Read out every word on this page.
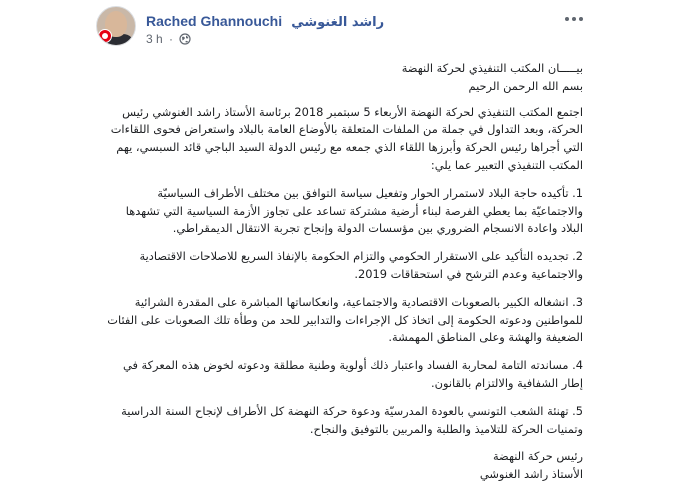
Rached Ghannouchi راشد الغنوشي
3 h ·

بيـــــان المكتب التنفيذي لحركة النهضة

بسم الله الرحمن الرحيم

اجتمع المكتب التنفيذي لحركة النهضة الأربعاء 5 سبتمبر 2018 برئاسة الأستاذ راشد الغنوشي رئيس الحركة، وبعد التداول في جملة من الملفات المتعلقة بالأوضاع العامة بالبلاد واستعراض فحوى اللقاءات التي أجراها رئيس الحركة وأبرزها اللقاء الذي جمعه مع رئيس الدولة السيد الباجي قائد السبسي، يهم المكتب التنفيذي التعبير عما يلي:

1. تأكيده حاجة البلاد لاستمرار الحوار وتفعيل سياسة التوافق بين مختلف الأطراف السياسيّة والاجتماعيّة بما يعطي الفرصة لبناء أرضية مشتركة تساعد على تجاوز الأزمة السياسية التي تشهدها البلاد واعادة الانسجام الضروري بين مؤسسات الدولة وإنجاح تجربة الانتقال الديمقراطي.

2. تجديده التأكيد على الاستقرار الحكومي والتزام الحكومة بالإنفاذ السريع للاصلاحات الاقتصادية والاجتماعية وعدم الترشح في استحقاقات 2019.

3. انشغاله الكبير بالصعوبات الاقتصادية والاجتماعية، وانعكاساتها المباشرة على المقدرة الشرائية للمواطنين ودعوته الحكومة إلى اتخاذ كل الإجراءات والتدابير للحد من وطأة تلك الصعوبات على الفئات الضعيفة والهشة وعلى المناطق المهمشة.

4. مساندته التامة لمحاربة الفساد واعتبار ذلك أولوية وطنية مطلقة ودعوته لخوض هذه المعركة في إطار الشفافية والالتزام بالقانون.

5. تهنئة الشعب التونسي بالعودة المدرسيّة ودعوة حركة النهضة كل الأطراف لإنجاح السنة الدراسية وتمنيات الحركة للتلاميذ والطلبة والمربين بالتوفيق والنجاح.

رئيس حركة النهضة

الأستاذ راشد الغنوشي
